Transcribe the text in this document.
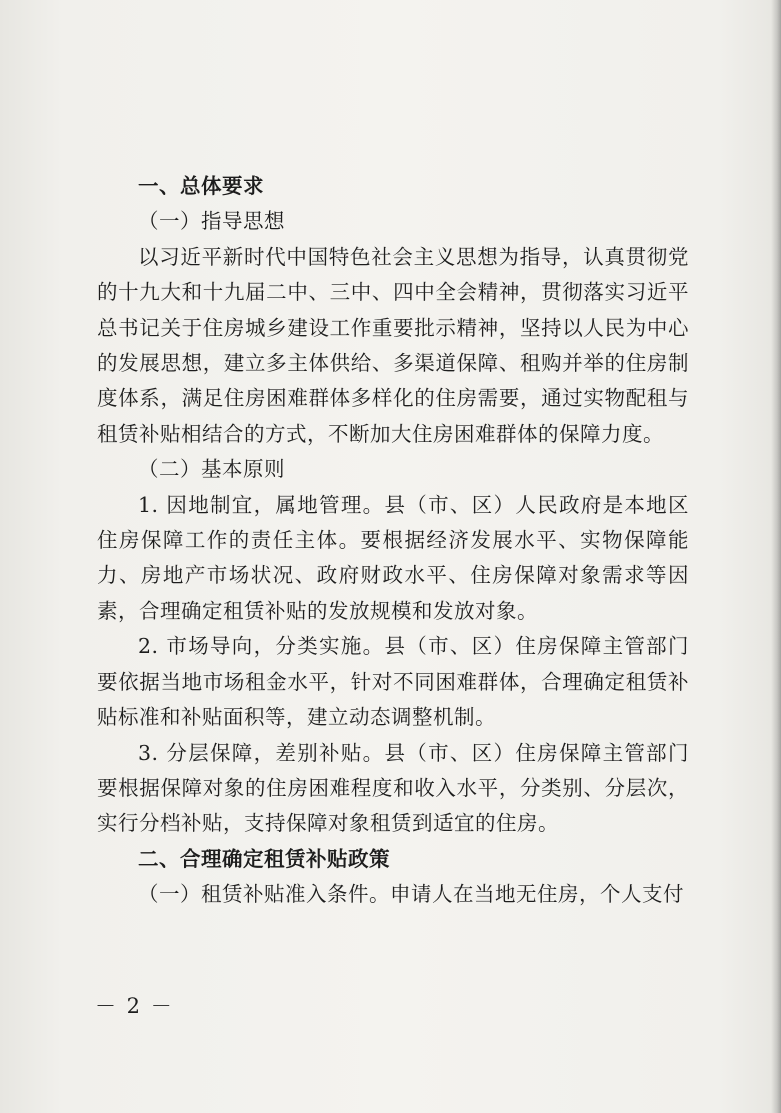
一、总体要求

（一）指导思想

以习近平新时代中国特色社会主义思想为指导，认真贯彻党的十九大和十九届二中、三中、四中全会精神，贯彻落实习近平总书记关于住房城乡建设工作重要批示精神，坚持以人民为中心的发展思想，建立多主体供给、多渠道保障、租购并举的住房制度体系，满足住房困难群体多样化的住房需要，通过实物配租与租赁补贴相结合的方式，不断加大住房困难群体的保障力度。

（二）基本原则

1. 因地制宜，属地管理。县（市、区）人民政府是本地区住房保障工作的责任主体。要根据经济发展水平、实物保障能力、房地产市场状况、政府财政水平、住房保障对象需求等因素，合理确定租赁补贴的发放规模和发放对象。

2. 市场导向，分类实施。县（市、区）住房保障主管部门要依据当地市场租金水平，针对不同困难群体，合理确定租赁补贴标准和补贴面积等，建立动态调整机制。

3. 分层保障，差别补贴。县（市、区）住房保障主管部门要根据保障对象的住房困难程度和收入水平，分类别、分层次，实行分档补贴，支持保障对象租赁到适宜的住房。

二、合理确定租赁补贴政策

（一）租赁补贴准入条件。申请人在当地无住房，个人支付

－ 2 －
